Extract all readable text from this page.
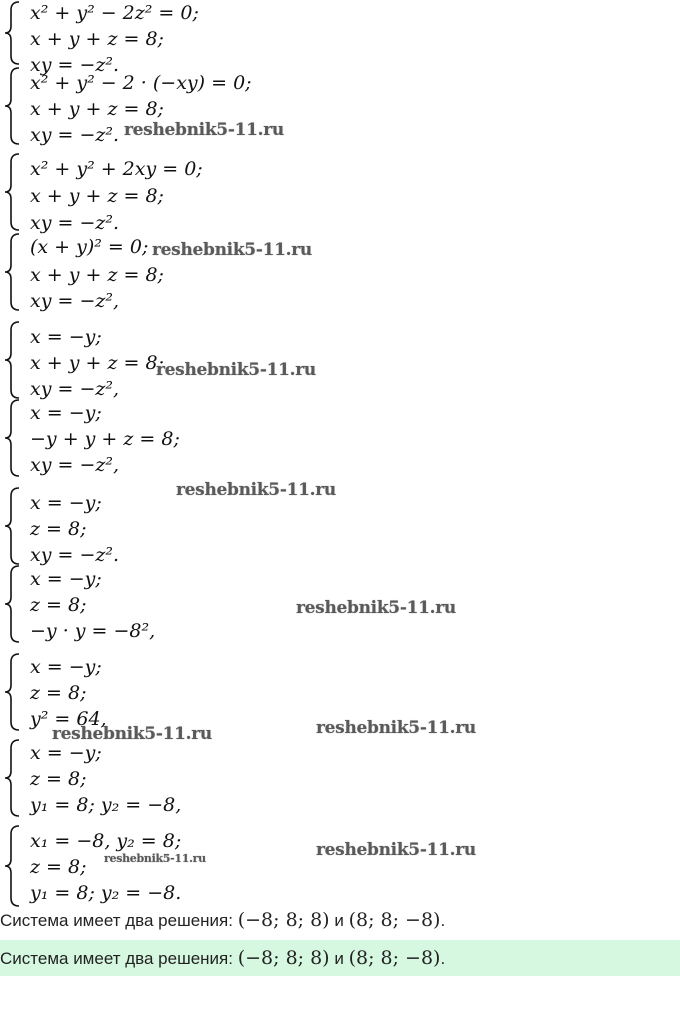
x² + y² − 2z² = 0;
x + y + z = 8;
xy = −z².
x² + y² − 2 · (−xy) = 0;
x + y + z = 8;
xy = −z². reshebnik5-11.ru
x² + y² + 2xy = 0;
x + y + z = 8;
xy = −z².
(x + y)² = 0;
x + y + z = 8;
xy = −z²,
reshebnik5-11.ru
x = −y;
x + y + z = 8;
xy = −z²,
reshebnik5-11.ru
x = −y;
−y + y + z = 8;
xy = −z²,
x = −y;
z = 8;
xy = −z².
reshebnik5-11.ru
x = −y;
z = 8;
−y · y = −8²,
reshebnik5-11.ru
x = −y;
z = 8;
y² = 64,
reshebnik5-11.ru	reshebnik5-11.ru
x = −y;
z = 8;
y₁ = 8; y₂ = −8,
x₁ = −8, y₂ = 8;
z = 8;
y₁ = 8; y₂ = −8.
reshebnik5-11.ru	reshebnik5-11.ru
Система имеет два решения: (−8; 8; 8) и (8; 8; −8).
Система имеет два решения: (−8; 8; 8) и (8; 8; −8).
